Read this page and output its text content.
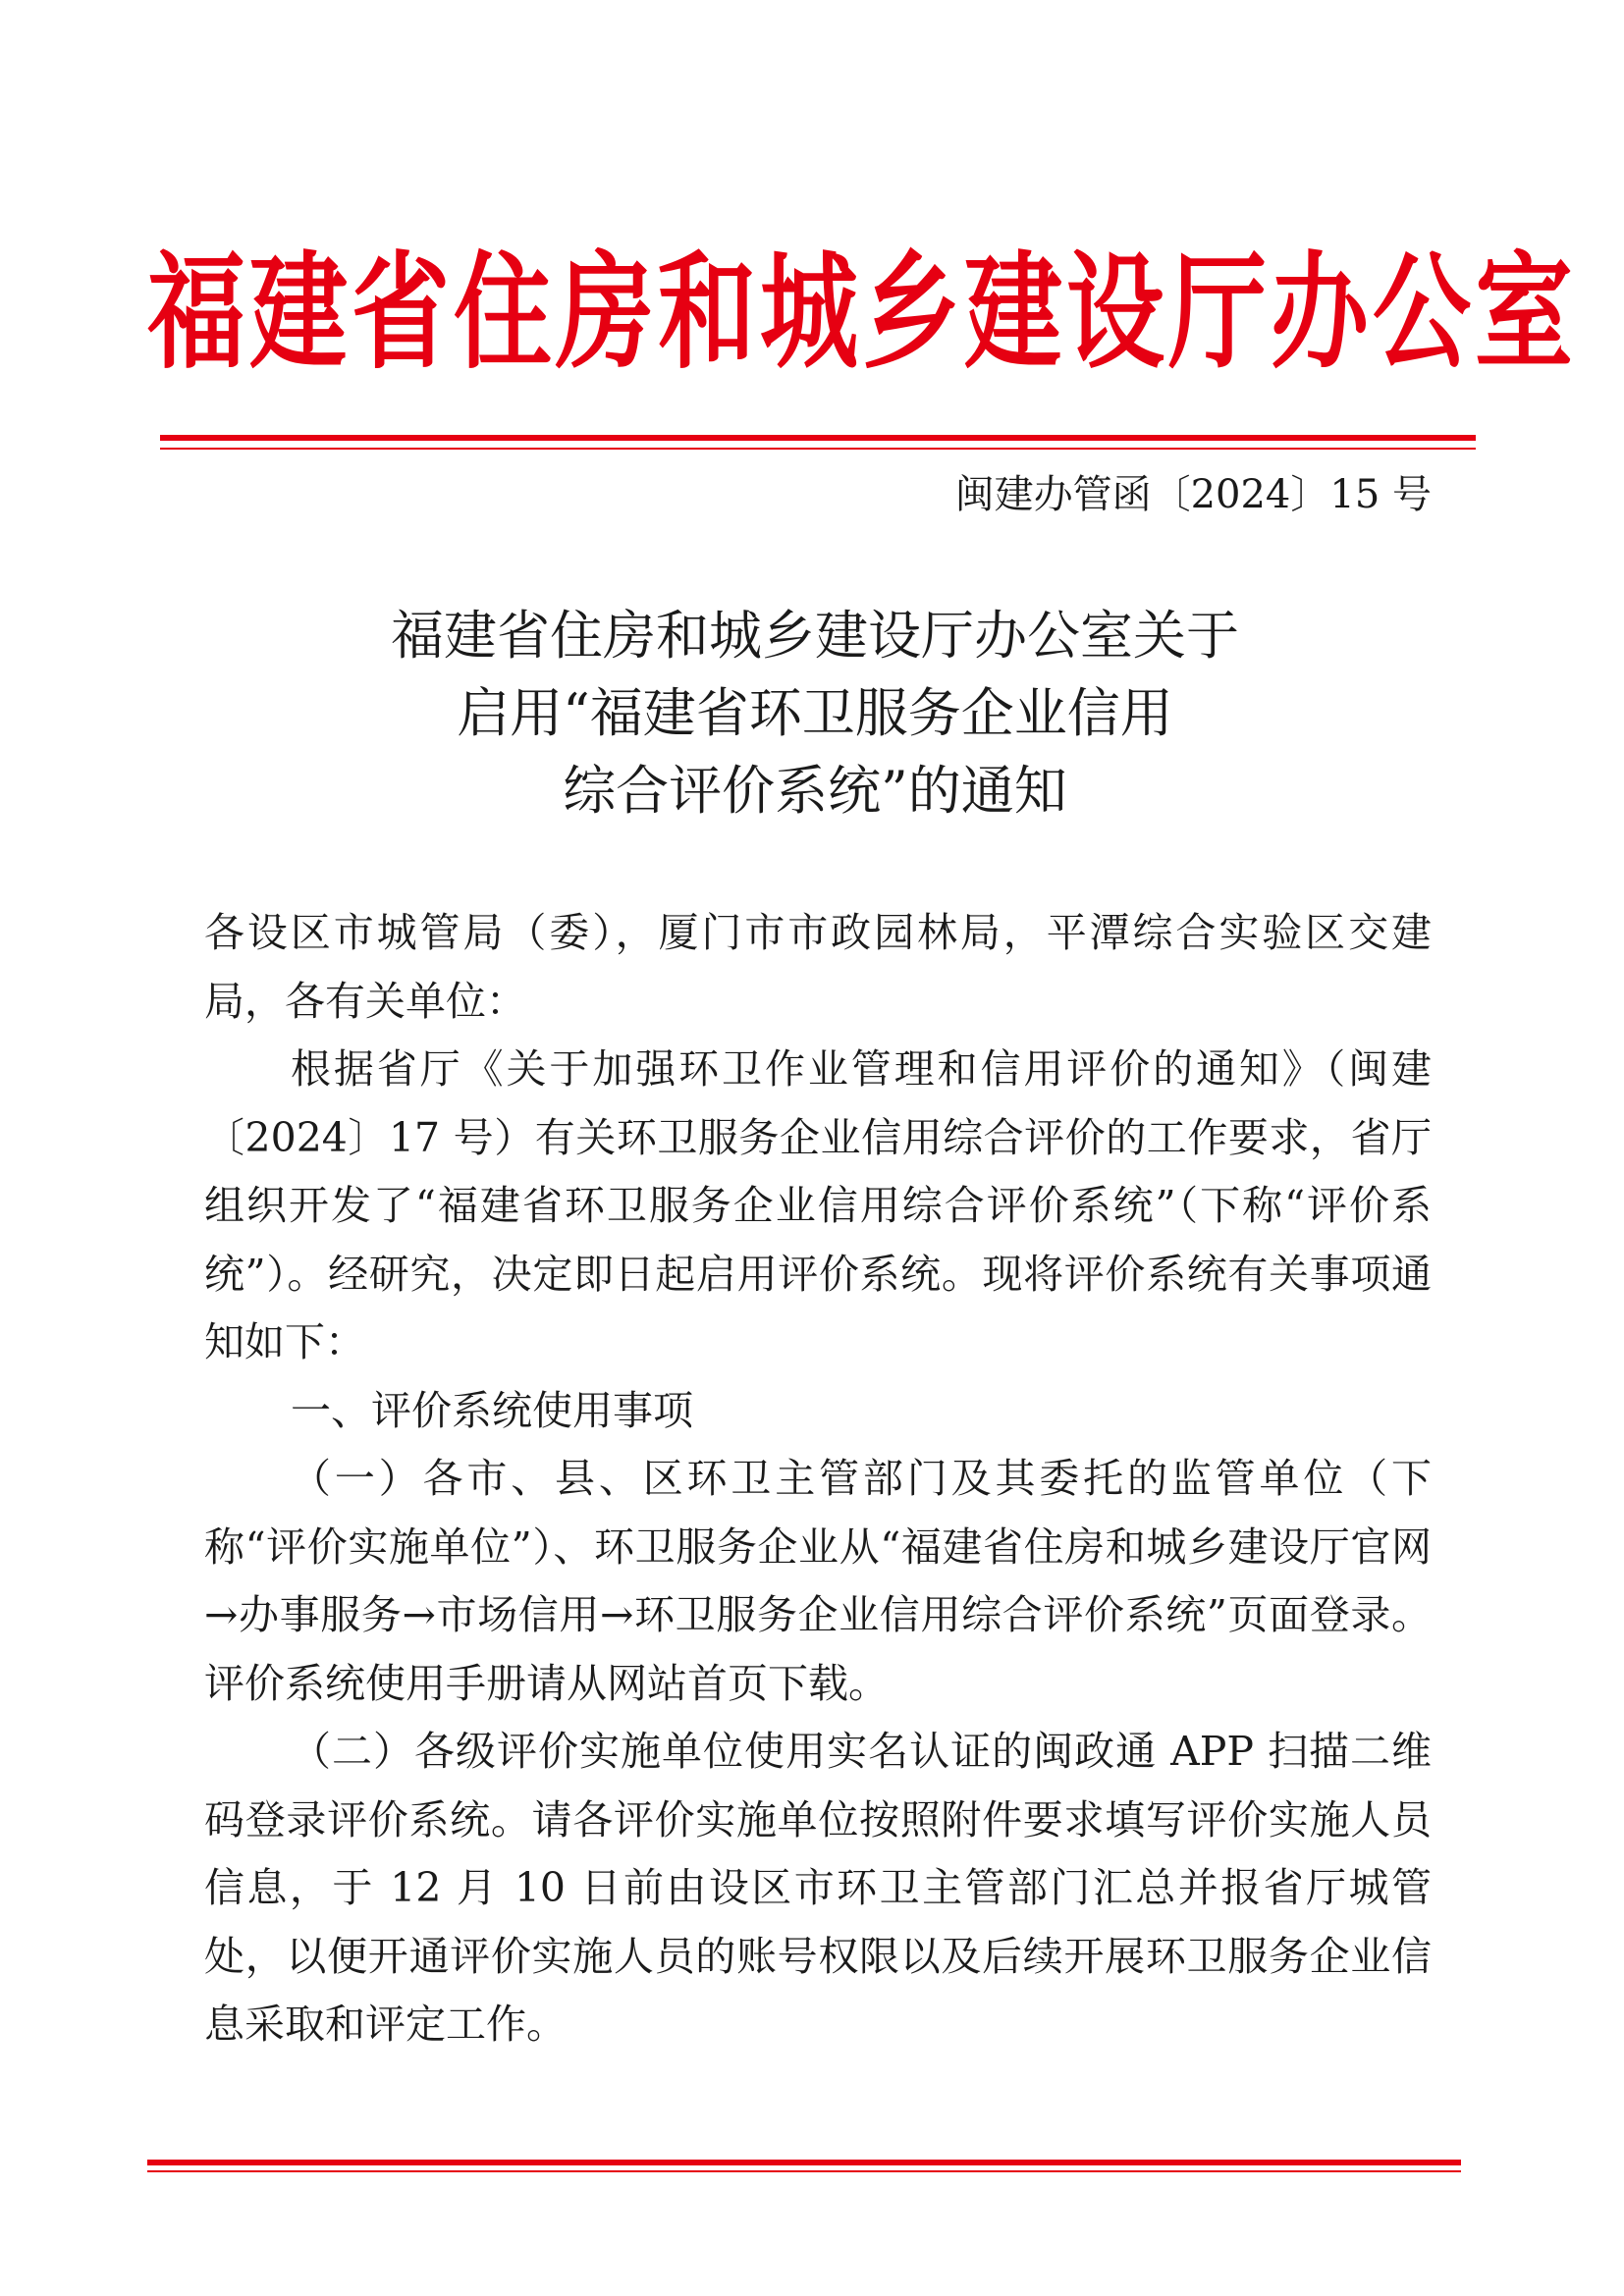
福建省住房和城乡建设厅办公室
闽建办管函〔2024〕15 号
福建省住房和城乡建设厅办公室关于
启用“福建省环卫服务企业信用
综合评价系统”的通知

各设区市城管局（委），厦门市市政园林局，平潭综合实验区交建局，各有关单位：

根据省厅《关于加强环卫作业管理和信用评价的通知》（闽建〔2024〕17 号）有关环卫服务企业信用综合评价的工作要求，省厅组织开发了“福建省环卫服务企业信用综合评价系统”（下称“评价系统”）。经研究，决定即日起启用评价系统。现将评价系统有关事项通知如下：

一、评价系统使用事项

（一）各市、县、区环卫主管部门及其委托的监管单位（下称“评价实施单位”）、环卫服务企业从“福建省住房和城乡建设厅官网→办事服务→市场信用→环卫服务企业信用综合评价系统”页面登录。评价系统使用手册请从网站首页下载。

（二）各级评价实施单位使用实名认证的闽政通 APP 扫描二维码登录评价系统。请各评价实施单位按照附件要求填写评价实施人员信息，于 12 月 10 日前由设区市环卫主管部门汇总并报省厅城管处，以便开通评价实施人员的账号权限以及后续开展环卫服务企业信息采取和评定工作。
